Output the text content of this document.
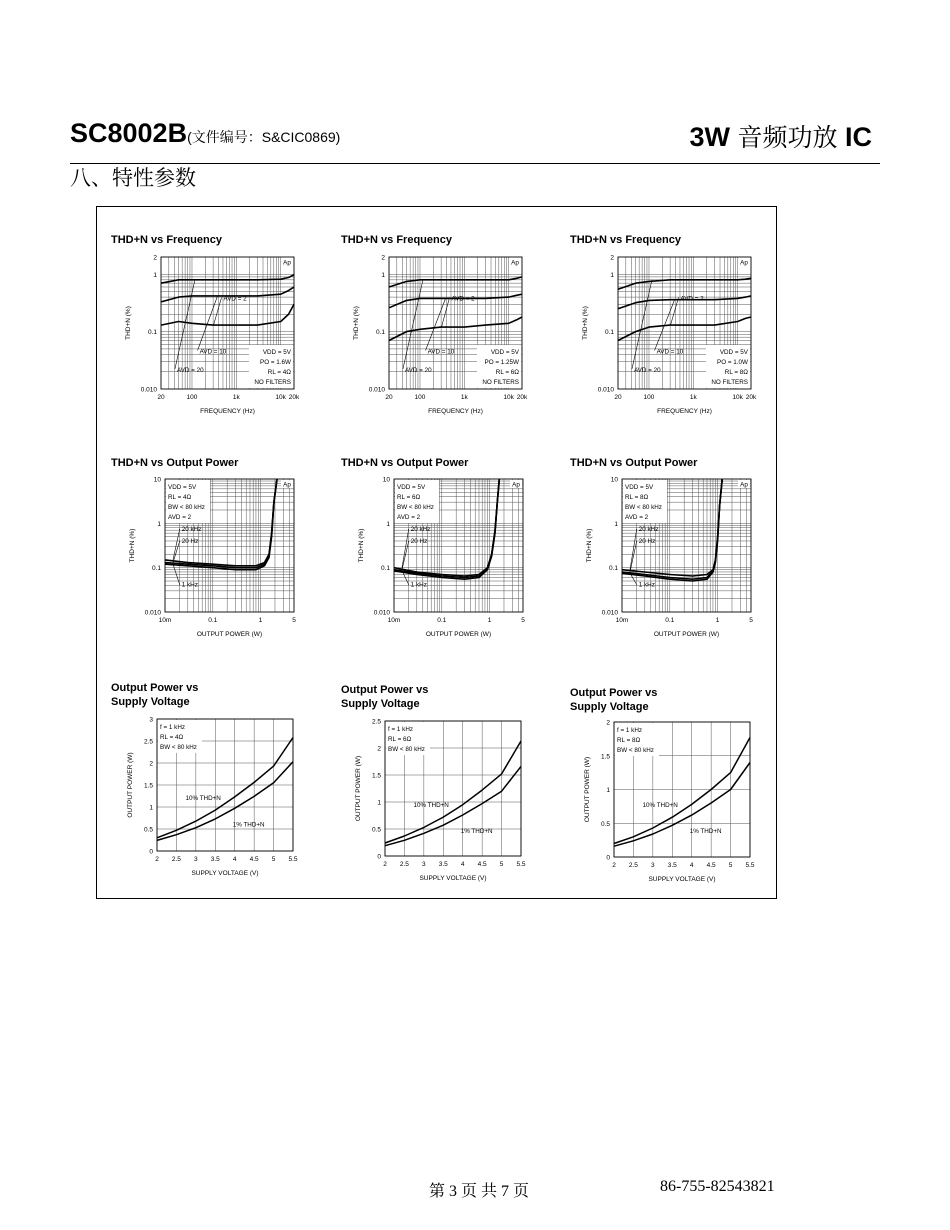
SC8002B(文件编号：S&CIC0869)	3W 音频功放 IC
八、特性参数
VDD = 5V
PO = 1.6W
RL = 4Ω
NO FILTERS
Ap
AVD = 2
AVD = 10
AVD = 20
20	100	1k	10k 20k
0.010
0.1
1
2
FREQUENCY (Hz)
THD+N (%)
VDD = 5V
PO = 1.25W
RL = 6Ω
NO FILTERS
Ap
AVD = 2
AVD = 10
AVD = 20
20	100	1k	10k 20k
0.010
0.1
1
2
FREQUENCY (Hz)
THD+N (%)
VDD = 5V
PO = 1.0W
RL = 8Ω
NO FILTERS
Ap
AVD = 2
AVD = 10
AVD = 20
20	100	1k	10k 20k
0.010
0.1
1
2
FREQUENCY (Hz)
THD+N (%)
VDD = 5V
RL = 4Ω
BW < 80 kHz
AVD = 2
Ap
20 kHz
20 Hz
1 kHz
10m	0.1	1	5
0.010
0.1
1
10
OUTPUT POWER (W)
THD+N (%)
VDD = 5V
RL = 6Ω
BW < 80 kHz
AVD = 2
Ap
20 kHz
20 Hz
1 kHz
10m	0.1	1	5
0.010
0.1
1
10
OUTPUT POWER (W)
THD+N (%)
VDD = 5V
RL = 8Ω
BW < 80 kHz
AVD = 2
Ap
20 kHz
20 Hz
1 kHz
10m	0.1	1	5
0.010
0.1
1
10
OUTPUT POWER (W)
THD+N (%)
f = 1 kHz
RL = 4Ω
BW < 80 kHz
10% THD+N
1% THD+N
2 2.5 3 3.5 4 4.5 5 5.5
0
0.5
1
1.5
2
2.5
3
SUPPLY VOLTAGE (V)
OUTPUT POWER (W)
f = 1 kHz
RL = 6Ω
BW < 80 kHz
10% THD+N
1% THD+N
2 2.5 3 3.5 4 4.5 5 5.5
0
0.5
1
1.5
2
2.5
SUPPLY VOLTAGE (V)
OUTPUT POWER (W)
f = 1 kHz
RL = 8Ω
BW < 80 kHz
10% THD+N
1% THD+N
2 2.5 3 3.5 4 4.5 5 5.5
0
0.5
1
1.5
2
SUPPLY VOLTAGE (V)
OUTPUT POWER (W)
THD+N vs Frequency	THD+N vs Frequency	THD+N vs Frequency
THD+N vs Output Power	THD+N vs Output Power	THD+N vs Output Power
Output Power vs
Supply Voltage
Output Power vs
Supply Voltage
Output Power vs
Supply Voltage
第 3 页 共 7 页	86-755-82543821
